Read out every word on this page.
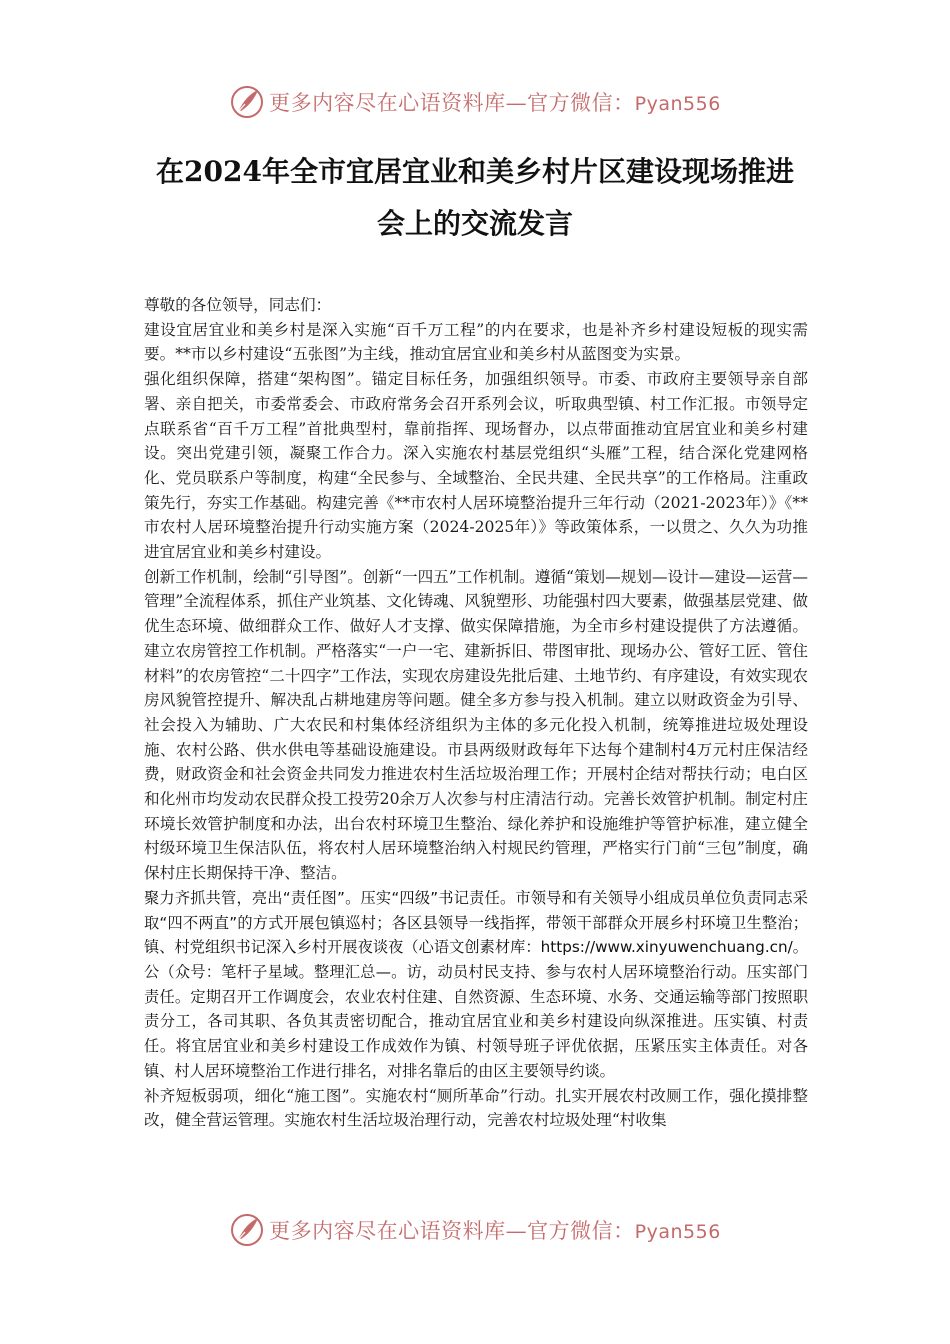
更多内容尽在心语资料库—官方微信：Pyan556
在2024年全市宜居宜业和美乡村片区建设现场推进
会上的交流发言

尊敬的各位领导，同志们：

建设宜居宜业和美乡村是深入实施“百千万工程”的内在要求，也是补齐乡村建设短板的现实需要。**市以乡村建设“五张图”为主线，推动宜居宜业和美乡村从蓝图变为实景。

强化组织保障，搭建“架构图”。锚定目标任务，加强组织领导。市委、市政府主要领导亲自部署、亲自把关，市委常委会、市政府常务会召开系列会议，听取典型镇、村工作汇报。市领导定点联系省“百千万工程”首批典型村，靠前指挥、现场督办，以点带面推动宜居宜业和美乡村建设。突出党建引领，凝聚工作合力。深入实施农村基层党组织“头雁”工程，结合深化党建网格化、党员联系户等制度，构建“全民参与、全域整治、全民共建、全民共享”的工作格局。注重政策先行，夯实工作基础。构建完善《**市农村人居环境整治提升三年行动（2021-2023年）》《**市农村人居环境整治提升行动实施方案（2024-2025年）》等政策体系，一以贯之、久久为功推进宜居宜业和美乡村建设。

创新工作机制，绘制“引导图”。创新“一四五”工作机制。遵循“策划—规划—设计—建设—运营—管理”全流程体系，抓住产业筑基、文化铸魂、风貌塑形、功能强村四大要素，做强基层党建、做优生态环境、做细群众工作、做好人才支撑、做实保障措施，为全市乡村建设提供了方法遵循。建立农房管控工作机制。严格落实“一户一宅、建新拆旧、带图审批、现场办公、管好工匠、管住材料”的农房管控“二十四字”工作法，实现农房建设先批后建、土地节约、有序建设，有效实现农房风貌管控提升、解决乱占耕地建房等问题。健全多方参与投入机制。建立以财政资金为引导、社会投入为辅助、广大农民和村集体经济组织为主体的多元化投入机制，统筹推进垃圾处理设施、农村公路、供水供电等基础设施建设。市县两级财政每年下达每个建制村4万元村庄保洁经费，财政资金和社会资金共同发力推进农村生活垃圾治理工作；开展村企结对帮扶行动；电白区和化州市均发动农民群众投工投劳20余万人次参与村庄清洁行动。完善长效管护机制。制定村庄环境长效管护制度和办法，出台农村环境卫生整治、绿化养护和设施维护等管护标准，建立健全村级环境卫生保洁队伍，将农村人居环境整治纳入村规民约管理，严格实行门前“三包”制度，确保村庄长期保持干净、整洁。

聚力齐抓共管，亮出“责任图”。压实“四级”书记责任。市领导和有关领导小组成员单位负责同志采取“四不两直”的方式开展包镇巡村；各区县领导一线指挥，带领干部群众开展乡村环境卫生整治；镇、村党组织书记深入乡村开展夜谈夜（心语文创素材库：https://www.xinyuwenchuang.cn/。公（众号：笔杆子星域。整理汇总—。访，动员村民支持、参与农村人居环境整治行动。压实部门责任。定期召开工作调度会，农业农村住建、自然资源、生态环境、水务、交通运输等部门按照职责分工，各司其职、各负其责密切配合，推动宜居宜业和美乡村建设向纵深推进。压实镇、村责任。将宜居宜业和美乡村建设工作成效作为镇、村领导班子评优依据，压紧压实主体责任。对各镇、村人居环境整治工作进行排名，对排名靠后的由区主要领导约谈。

补齐短板弱项，细化“施工图”。实施农村“厕所革命”行动。扎实开展农村改厕工作，强化摸排整改，健全营运管理。实施农村生活垃圾治理行动，完善农村垃圾处理“村收集

更多内容尽在心语资料库—官方微信：Pyan556
